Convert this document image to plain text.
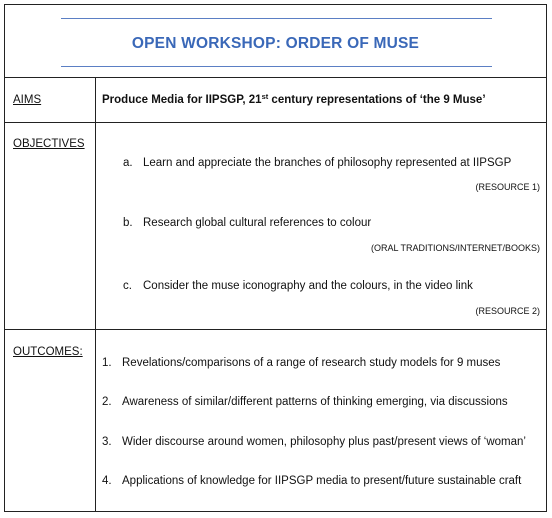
OPEN WORKSHOP: ORDER OF MUSE
AIMS	Produce Media for IIPSGP, 21st century representations of ‘the 9 Muse’
OBJECTIVES
a. Learn and appreciate the branches of philosophy represented at IIPSGP
(RESOURCE 1)
b. Research global cultural references to colour
(ORAL TRADITIONS/INTERNET/BOOKS)
c. Consider the muse iconography and the colours, in the video link
(RESOURCE 2)
OUTCOMES:
1. Revelations/comparisons of a range of research study models for 9 muses
2. Awareness of similar/different patterns of thinking emerging, via discussions
3. Wider discourse around women, philosophy plus past/present views of ‘woman’
4. Applications of knowledge for IIPSGP media to present/future sustainable craft
